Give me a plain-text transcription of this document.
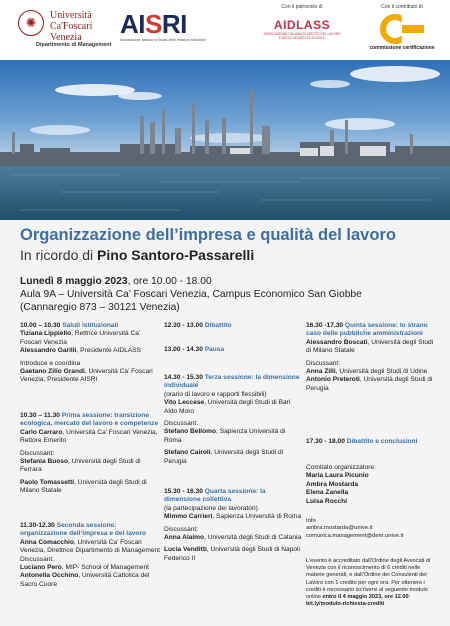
✺	Università
Ca'Foscari
Venezia
Dipartimento di Management
AISRI
Associazione Italiana di Studio delle relazioni industriali
Con il patrocinio di
AIDLASS
ASSOCIAZIONE ITALIANA DI DIRITTO DEL LAVORO
E DELLA SICUREZZA SOCIALE
Con il contributo di
commissione certificazione
Organizzazione dell’impresa e qualità del lavoro
In ricordo di Pino Santoro-Passarelli
Lunedì 8 maggio 2023, ore 10.00 - 18.00
Aula 9A – Università Ca’ Foscari Venezia, Campus Economico San Giobbe
(Cannaregio 873 – 30121 Venezia)
10.00 – 10.30 Saluti istituzionali
Tiziana Lippiello, Rettrice Università Ca’ Foscari Venezia
Alessandro Garilli, Presidente AIDLASS
Introduce e coordina
Gaetano Zilio Grandi, Università Ca’ Foscari Venezia, Presidente AISRI
10.30 – 11.30 Prima sessione: transizione ecologica, mercato del lavoro e competenze
Carlo Carraro, Università Ca’ Foscari Venezia, Rettore Emerito
Discussant:
Stefania Buoso, Università degli Studi di Ferrara
Paolo Tomassetti, Università degli Studi di Milano Statale
11.30-12.30 Seconda sessione: organizzazione dell’impresa e del lavoro
Anna Comacchio, Università Ca’ Foscari Venezia, Direttrice Dipartimento di Management
Discussant:
Luciano Pero, MIP- School of Management
Antonella Occhino, Università Cattolica del Sacro Cuore
12.30 - 13.00 Dibattito
13.00 - 14.30 Pausa
14.30 - 15.30 Terza sessione: la dimensione individuale
(orario di lavoro e rapporti flessibili)
Vito Leccese, Università degli Studi di Bari Aldo Moro
Discussant:
Stefano Bellomo, Sapienza Università di Roma
Stefano Cairoli, Università degli Studi di Perugia
15.30 - 16.30 Quarta sessione: la dimensione collettiva
(la partecipazione dei lavoratori)
Mimmo Carrieri, Sapienza Università di Roma
Discussant:
Anna Alaimo, Università degli Studi di Catania
Lucia Venditti, Università degli Studi di Napoli Federico II
16.30 -17.30 Quinta sessione: lo strano caso delle pubbliche amministrazioni
Alessandro Boscati, Università degli Studi di Milano Statale
Discussant:
Anna Zilli, Università degli Studi di Udine
Antonio Preteroti, Università degli Studi di Perugia
17.30 - 18.00 Dibattito e conclusioni
Comitato organizzatore:
Maria Laura Picunio
Ambra Mostarda
Elena Zanella
Luisa Rocchi
Info
ambra.mostarda@unive.it
comunica.management@dem.unive.it
L’evento è accreditato dall’Ordine degli Avvocati di Venezia con il riconoscimento di 6 crediti nelle materie generali, e dall’Ordine dei Consulenti del Lavoro con 1 credito per ogni ora. Per ottenere i crediti è necessario iscriversi al seguente modulo online entro il 4 maggio 2023, ore 12.00:
bit.ly/modulo-richiesta-crediti
